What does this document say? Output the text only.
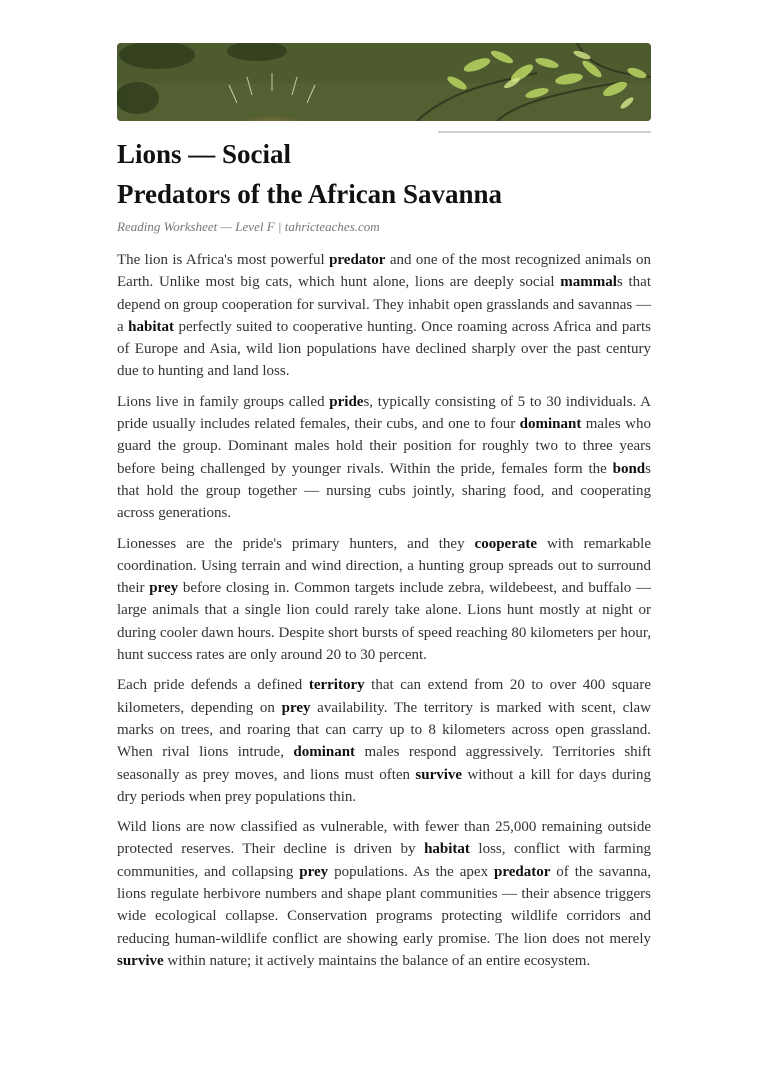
Lions — Social
Predators of the African Savanna
Reading Worksheet — Level F | tahricteaches.com

The lion is Africa's most powerful predator and one of the most recognized animals on Earth. Unlike most big cats, which hunt alone, lions are deeply social mammals that depend on group cooperation for survival. They inhabit open grasslands and savannas — a habitat perfectly suited to cooperative hunting. Once roaming across Africa and parts of Europe and Asia, wild lion populations have declined sharply over the past century due to hunting and land loss.

Lions live in family groups called prides, typically consisting of 5 to 30 individuals. A pride usually includes related females, their cubs, and one to four dominant males who guard the group. Dominant males hold their position for roughly two to three years before being challenged by younger rivals. Within the pride, females form the bonds that hold the group together — nursing cubs jointly, sharing food, and cooperating across generations.

Lionesses are the pride's primary hunters, and they cooperate with remarkable coordination. Using terrain and wind direction, a hunting group spreads out to surround their prey before closing in. Common targets include zebra, wildebeest, and buffalo — large animals that a single lion could rarely take alone. Lions hunt mostly at night or during cooler dawn hours. Despite short bursts of speed reaching 80 kilometers per hour, hunt success rates are only around 20 to 30 percent.

Each pride defends a defined territory that can extend from 20 to over 400 square kilometers, depending on prey availability. The territory is marked with scent, claw marks on trees, and roaring that can carry up to 8 kilometers across open grassland. When rival lions intrude, dominant males respond aggressively. Territories shift seasonally as prey moves, and lions must often survive without a kill for days during dry periods when prey populations thin.

Wild lions are now classified as vulnerable, with fewer than 25,000 remaining outside protected reserves. Their decline is driven by habitat loss, conflict with farming communities, and collapsing prey populations. As the apex predator of the savanna, lions regulate herbivore numbers and shape plant communities — their absence triggers wide ecological collapse. Conservation programs protecting wildlife corridors and reducing human-wildlife conflict are showing early promise. The lion does not merely survive within nature; it actively maintains the balance of an entire ecosystem.
